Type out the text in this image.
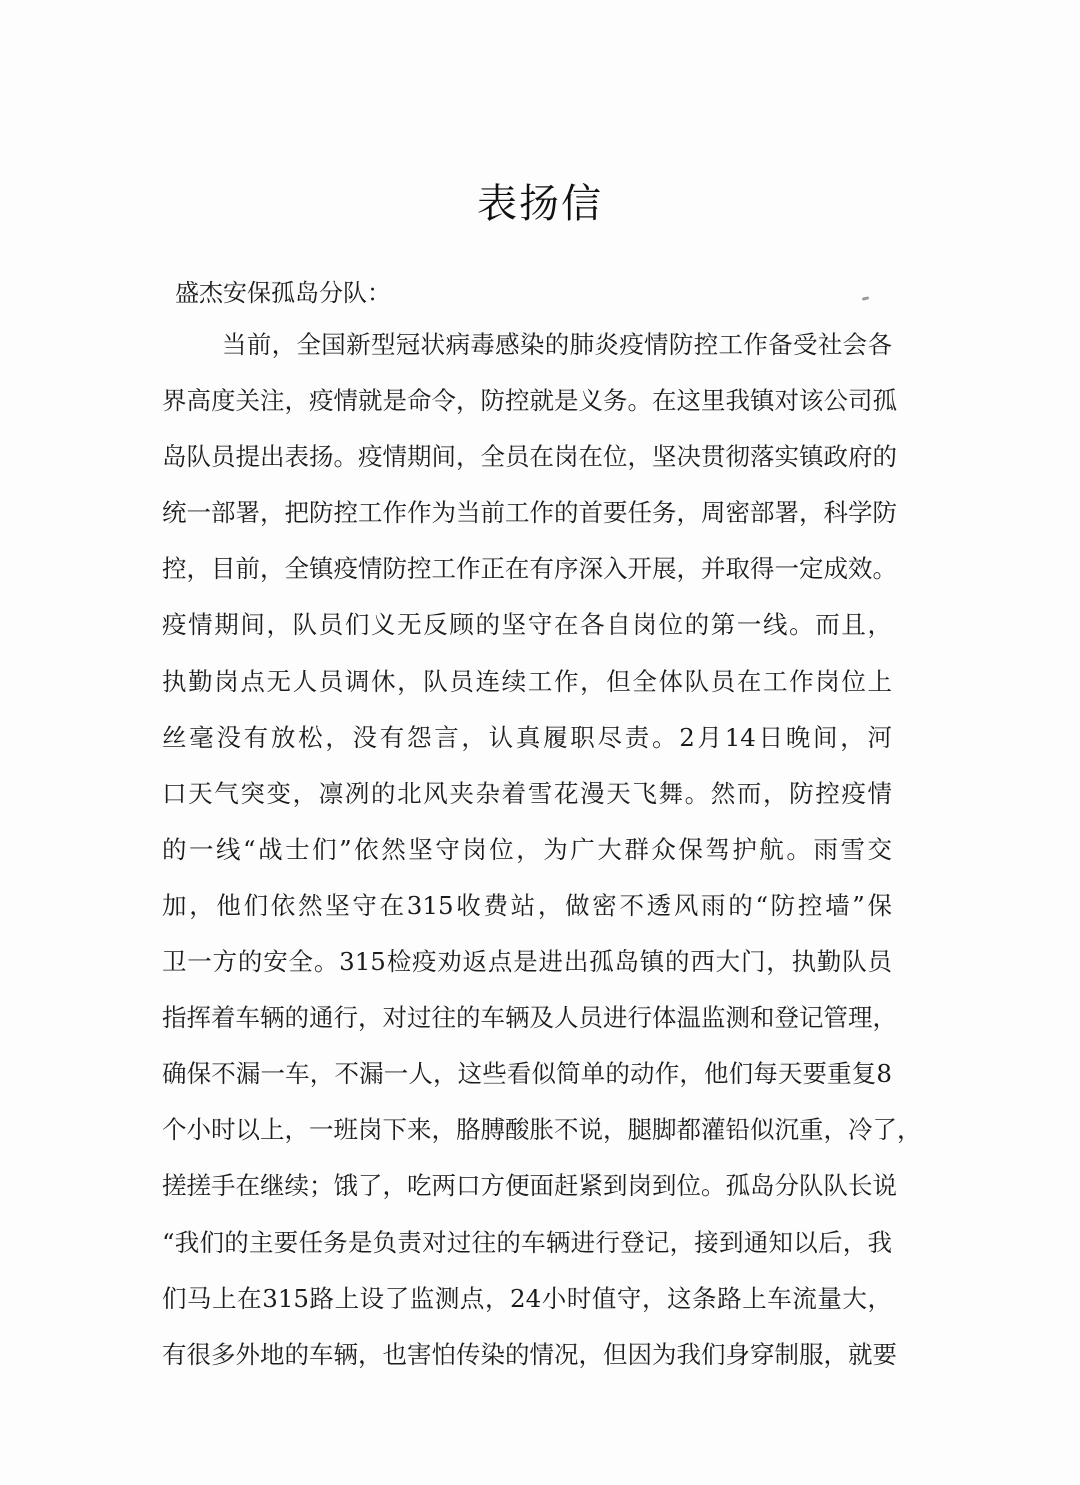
表扬信
盛杰安保孤岛分队：
当前，全国新型冠状病毒感染的肺炎疫情防控工作备受社会各
界高度关注，疫情就是命令，防控就是义务。在这里我镇对该公司孤
岛队员提出表扬。疫情期间，全员在岗在位，坚决贯彻落实镇政府的
统一部署，把防控工作作为当前工作的首要任务，周密部署，科学防
控，目前，全镇疫情防控工作正在有序深入开展，并取得一定成效。
疫情期间，队员们义无反顾的坚守在各自岗位的第一线。而且，
执勤岗点无人员调休，队员连续工作，但全体队员在工作岗位上
丝毫没有放松，没有怨言，认真履职尽责。2月14日晚间，河
口天气突变，凛冽的北风夹杂着雪花漫天飞舞。然而，防控疫情
的一线“战士们”依然坚守岗位，为广大群众保驾护航。雨雪交
加，他们依然坚守在315收费站，做密不透风雨的“防控墙”保
卫一方的安全。315检疫劝返点是进出孤岛镇的西大门，执勤队员
指挥着车辆的通行，对过往的车辆及人员进行体温监测和登记管理，
确保不漏一车，不漏一人，这些看似简单的动作，他们每天要重复8
个小时以上，一班岗下来，胳膊酸胀不说，腿脚都灌铅似沉重，冷了，
搓搓手在继续；饿了，吃两口方便面赶紧到岗到位。孤岛分队队长说
“我们的主要任务是负责对过往的车辆进行登记，接到通知以后，我
们马上在315路上设了监测点，24小时值守，这条路上车流量大，
有很多外地的车辆，也害怕传染的情况，但因为我们身穿制服，就要
